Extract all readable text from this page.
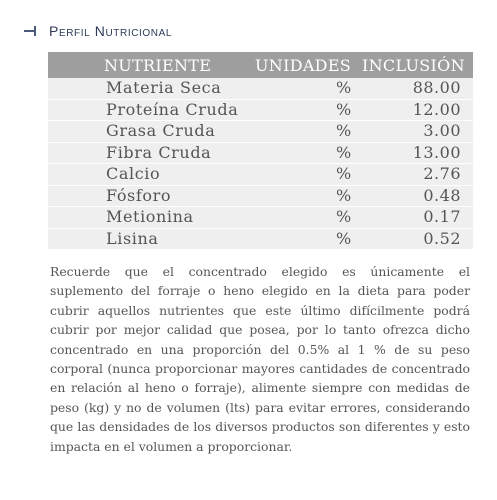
Perfil Nutricional
NUTRIENTE	UNIDADES	INCLUSIÓN
Materia Seca	%	88.00
Proteína Cruda	%	12.00
Grasa Cruda	%	3.00
Fibra Cruda	%	13.00
Calcio	%	2.76
Fósforo	%	0.48
Metionina	%	0.17
Lisina	%	0.52

Recuerde que el concentrado elegido es únicamente el suplemento del forraje o heno elegido en la dieta para poder cubrir aquellos nutrientes que este último difícilmente podrá cubrir por mejor calidad que posea, por lo tanto ofrezca dicho concentrado en una proporción del 0.5% al 1 % de su peso corporal (nunca proporcionar mayores cantidades de concentrado en relación al heno o forraje), alimente siempre con medidas de peso (kg) y no de volumen (lts) para evitar errores, considerando que las densidades de los diversos productos son diferentes y esto impacta en el volumen a proporcionar.
